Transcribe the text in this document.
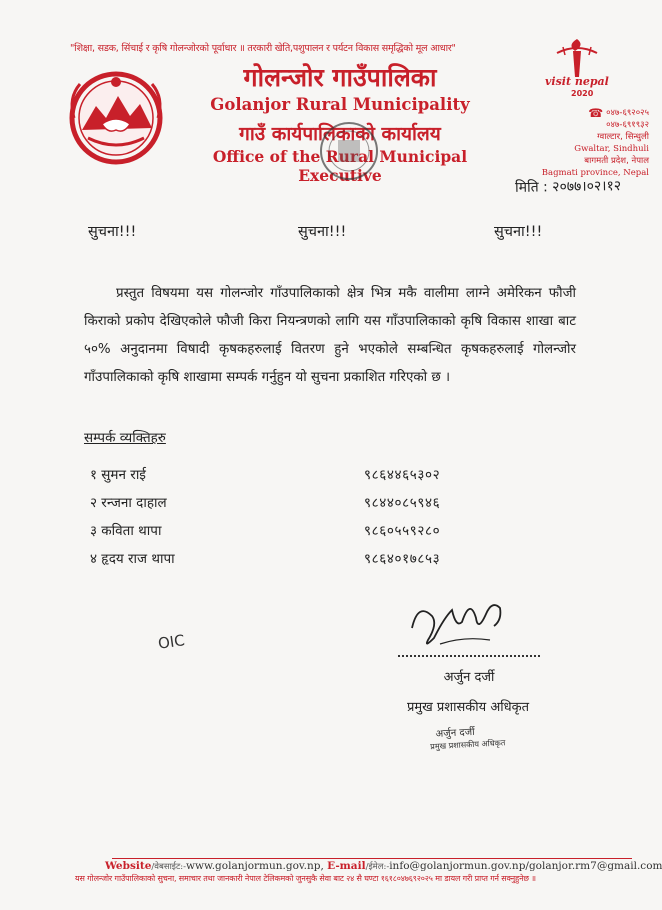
"शिक्षा, सडक, सिंचाई र कृषि गोलन्जोरको पूर्वाधार ॥ तरकारी खेति,पशुपालन र पर्यटन विकास समृद्धिको मूल आधार"
गोलन्जोर गाउँपालिका
Golanjor Rural Municipality
गाउँ कार्यपालिकाको कार्यालय
Office of the Rural Municipal Executive
visit nepal
2020
☎ ०४७-६९२०२५
०४७-६९१९३२
ग्वाल्टार, सिन्धुली
Gwaltar, Sindhuli
बागमती प्रदेश, नेपाल
Bagmati province, Nepal
मिति : २०७७।०२।१२
सुचना!!!	सुचना!!!	सुचना!!!

प्रस्तुत विषयमा यस गोलन्जोर गाँउपालिकाको क्षेत्र भित्र मकै वालीमा लाग्ने अमेरिकन फौजी किराको प्रकोप देखिएकोले फौजी किरा नियन्त्रणको लागि यस गाँउपालिकाको कृषि विकास शाखा बाट ५०% अनुदानमा विषादी कृषकहरुलाई वितरण हुने भएकोले सम्बन्धित कृषकहरुलाई गोलन्जोर गाँउपालिकाको कृषि शाखामा सम्पर्क गर्नुहुन यो सुचना प्रकाशित गरिएको छ ।

सम्पर्क व्यक्तिहरु
१ सुमन राई	९८६४४६५३०२
२ रन्जना दाहाल	९८४४०८५९४६
३ कविता थापा	९८६०५५९२८०
४ हृदय राज थापा	९८६४०१७८५३
OIC
अर्जुन दर्जी
प्रमुख प्रशासकीय अधिकृत
अर्जुन दर्जी
प्रमुख प्रशासकीय अधिकृत
Website/वेबसाईट:-www.golanjormun.gov.np, E-mail/ईमेल:-info@golanjormun.gov.np/golanjor.rm7@gmail.com
यस गोलन्जोर गाउँपालिकाको सुचना, समाचार तथा जानकारी नेपाल टेलिकमको जुनसुकै सेवा बाट २४ सै घण्टा १६१८०४७६९२०२५ मा डायल गरी प्राप्त गर्न सक्नुहुनेछ ॥
